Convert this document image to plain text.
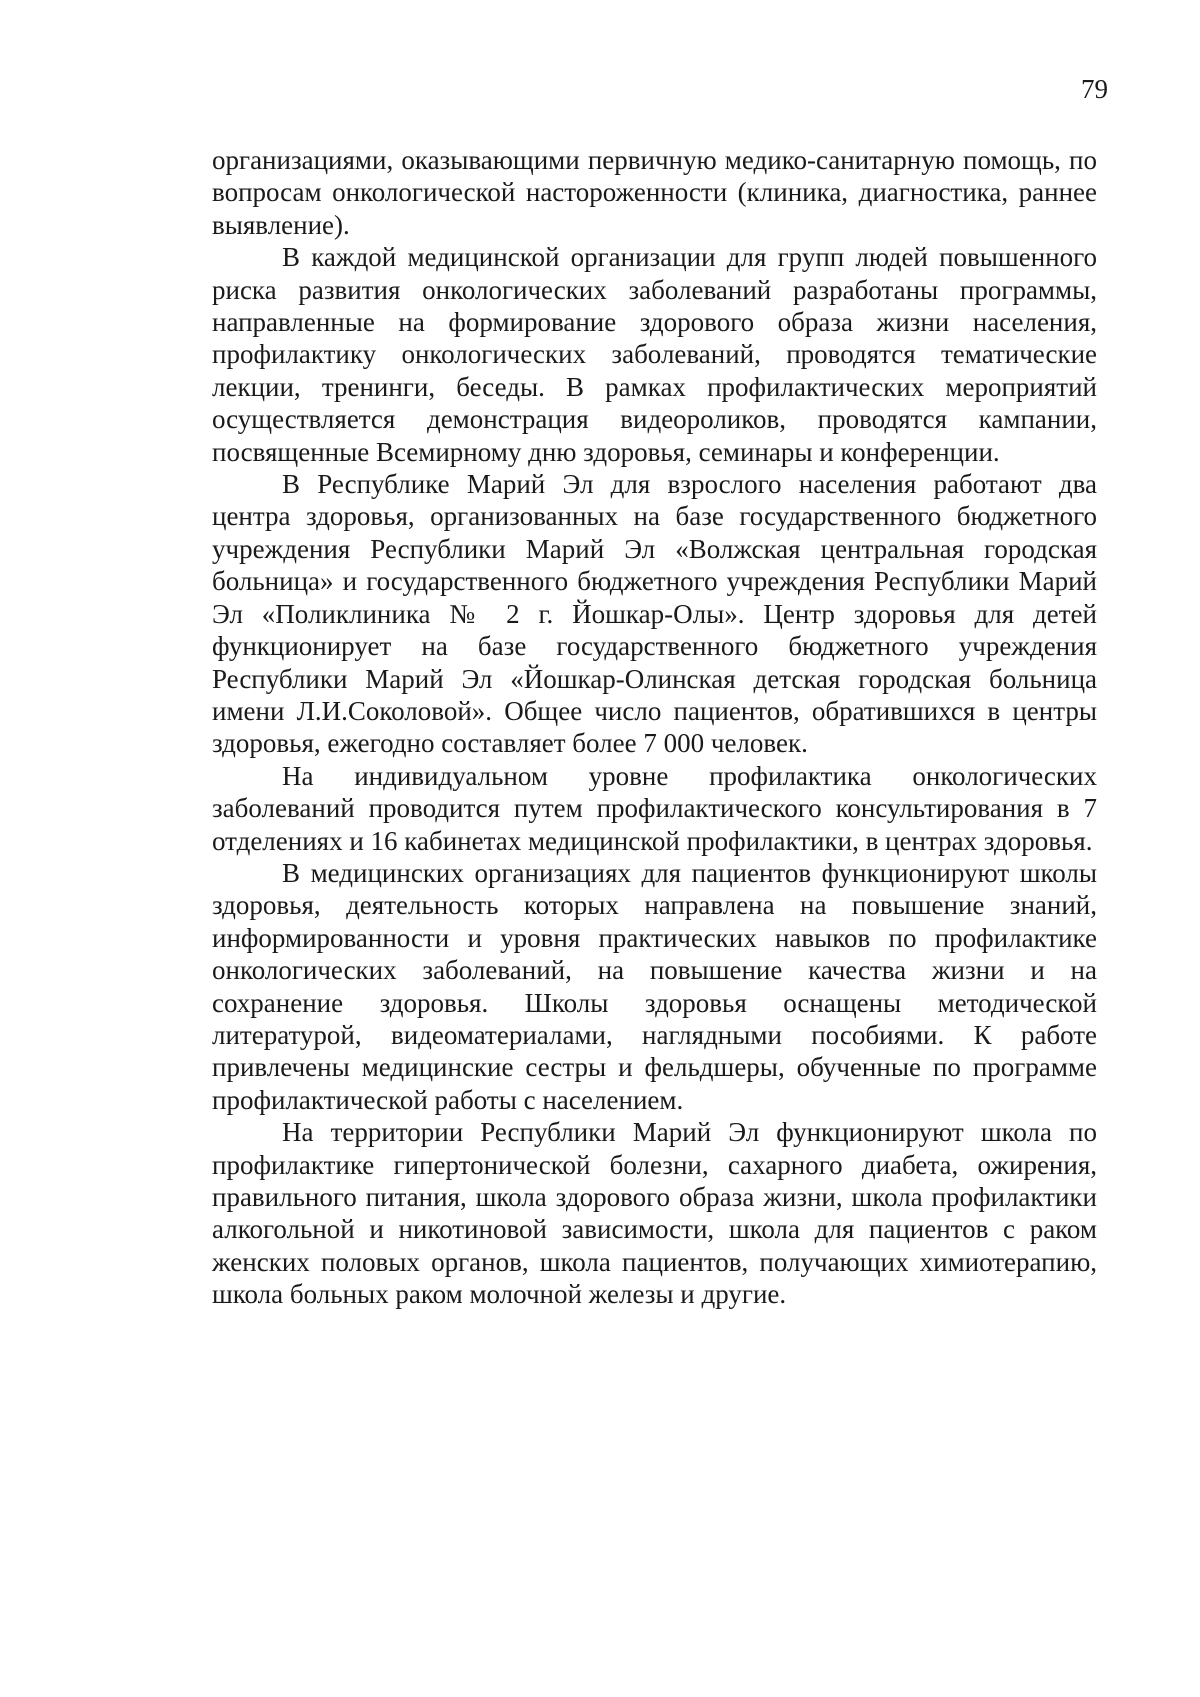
79

организациями, оказывающими первичную медико-санитарную помощь, по вопросам онкологической настороженности (клиника, диагностика, раннее выявление).

В каждой медицинской организации для групп людей повышенного риска развития онкологических заболеваний разработаны программы, направленные на формирование здорового образа жизни населения, профилактику онкологических заболеваний, проводятся тематические лекции, тренинги, беседы. В рамках профилактических мероприятий осуществляется демонстрация видеороликов, проводятся кампании, посвященные Всемирному дню здоровья, семинары и конференции.

В Республике Марий Эл для взрослого населения работают два центра здоровья, организованных на базе государственного бюджетного учреждения Республики Марий Эл «Волжская центральная городская больница» и государственного бюджетного учреждения Республики Марий Эл «Поликлиника № 2 г. Йошкар-Олы». Центр здоровья для детей функционирует на базе государственного бюджетного учреждения Республики Марий Эл «Йошкар-Олинская детская городская больница имени Л.И.Соколовой». Общее число пациентов, обратившихся в центры здоровья, ежегодно составляет более 7 000 человек.

На индивидуальном уровне профилактика онкологических заболеваний проводится путем профилактического консультирования в 7 отделениях и 16 кабинетах медицинской профилактики, в центрах здоровья.

В медицинских организациях для пациентов функционируют школы здоровья, деятельность которых направлена на повышение знаний, информированности и уровня практических навыков по профилактике онкологических заболеваний, на повышение качества жизни и на сохранение здоровья. Школы здоровья оснащены методической литературой, видеоматериалами, наглядными пособиями. К работе привлечены медицинские сестры и фельдшеры, обученные по программе профилактической работы с населением.

На территории Республики Марий Эл функционируют школа по профилактике гипертонической болезни, сахарного диабета, ожирения, правильного питания, школа здорового образа жизни, школа профилактики алкогольной и никотиновой зависимости, школа для пациентов с раком женских половых органов, школа пациентов, получающих химиотерапию, школа больных раком молочной железы и другие.
